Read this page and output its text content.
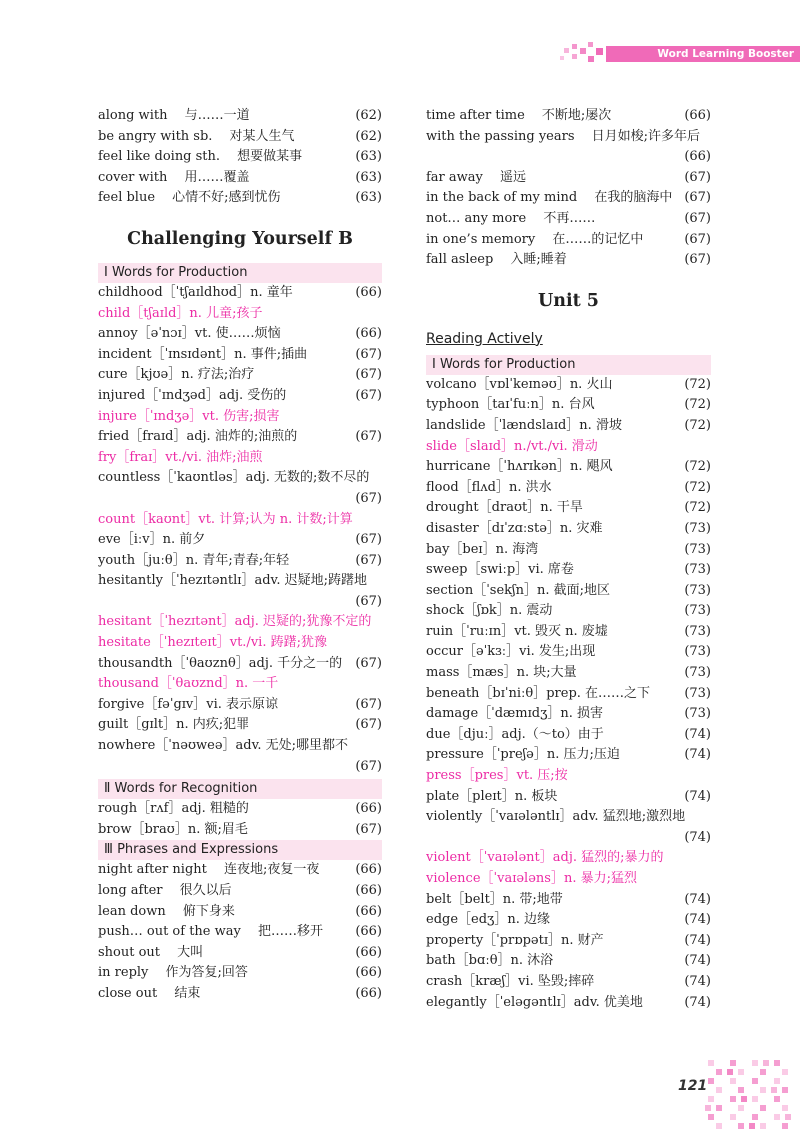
Word Learning Booster
along with　 与……一道	(62)
be angry with sb.　 对某人生气	(62)
feel like doing sth.　 想要做某事	(63)
cover with　 用……覆盖	(63)
feel blue　 心情不好;感到忧伤	(63)
Challenging Yourself B
Ⅰ Words for Production
childhood［ˈtʃaɪldhʊd］n. 童年	(66)
child［tʃaɪld］n. 儿童;孩子
annoy［əˈnɔɪ］vt. 使……烦恼	(66)
incident［ˈɪnsɪdənt］n. 事件;插曲	(67)
cure［kjʊə］n. 疗法;治疗	(67)
injured［ˈɪndʒəd］adj. 受伤的	(67)
injure［ˈɪndʒə］vt. 伤害;损害
fried［fraɪd］adj. 油炸的;油煎的	(67)
fry［fraɪ］vt./vi. 油炸;油煎
countless［ˈkaʊntləs］adj. 无数的;数不尽的
(67)
count［kaʊnt］vt. 计算;认为 n. 计数;计算
eve［iːv］n. 前夕	(67)
youth［juːθ］n. 青年;青春;年轻	(67)
hesitantly［ˈhezɪtəntlɪ］adv. 迟疑地;踌躇地
(67)
hesitant［ˈhezɪtənt］adj. 迟疑的;犹豫不定的
hesitate［ˈhezɪteɪt］vt./vi. 踌躇;犹豫
thousandth［ˈθaʊznθ］adj. 千分之一的	(67)
thousand［ˈθaʊznd］n. 一千
forgive［fəˈgɪv］vi. 表示原谅	(67)
guilt［gɪlt］n. 内疚;犯罪	(67)
nowhere［ˈnəʊweə］adv. 无处;哪里都不
(67)
Ⅱ Words for Recognition
rough［rʌf］adj. 粗糙的	(66)
brow［braʊ］n. 额;眉毛	(67)
Ⅲ Phrases and Expressions
night after night　 连夜地;夜复一夜	(66)
long after　 很久以后	(66)
lean down　 俯下身来	(66)
push… out of the way　 把……移开	(66)
shout out　 大叫	(66)
in reply　 作为答复;回答	(66)
close out　 结束	(66)
time after time　 不断地;屡次	(66)
with the passing years　 日月如梭;许多年后
(66)
far away　 遥远	(67)
in the back of my mind　 在我的脑海中 (67)
not… any more　 不再……	(67)
in one’s memory　 在……的记忆中	(67)
fall asleep　 入睡;睡着	(67)
Unit 5
Reading Actively
Ⅰ Words for Production
volcano［vɒlˈkeɪnəʊ］n. 火山	(72)
typhoon［taɪˈfuːn］n. 台风	(72)
landslide［ˈlændslaɪd］n. 滑坡	(72)
slide［slaɪd］n./vt./vi. 滑动
hurricane［ˈhʌrɪkən］n. 飓风	(72)
flood［flʌd］n. 洪水	(72)
drought［draʊt］n. 干旱	(72)
disaster［dɪˈzɑːstə］n. 灾难	(73)
bay［beɪ］n. 海湾	(73)
sweep［swiːp］vi. 席卷	(73)
section［ˈsekʃn］n. 截面;地区	(73)
shock［ʃɒk］n. 震动	(73)
ruin［ˈruːɪn］vt. 毁灭 n. 废墟	(73)
occur［əˈkɜː］vi. 发生;出现	(73)
mass［mæs］n. 块;大量	(73)
beneath［bɪˈniːθ］prep. 在……之下	(73)
damage［ˈdæmɪdʒ］n. 损害	(73)
due［djuː］adj.（～to）由于	(74)
pressure［ˈpreʃə］n. 压力;压迫	(74)
press［pres］vt. 压;按
plate［pleɪt］n. 板块	(74)
violently［ˈvaɪələntlɪ］adv. 猛烈地;激烈地
(74)
violent［ˈvaɪələnt］adj. 猛烈的;暴力的
violence［ˈvaɪələns］n. 暴力;猛烈
belt［belt］n. 带;地带	(74)
edge［edʒ］n. 边缘	(74)
property［ˈprɒpətɪ］n. 财产	(74)
bath［bɑːθ］n. 沐浴	(74)
crash［kræʃ］vi. 坠毁;摔碎	(74)
elegantly［ˈeləgəntlɪ］adv. 优美地	(74)
121
